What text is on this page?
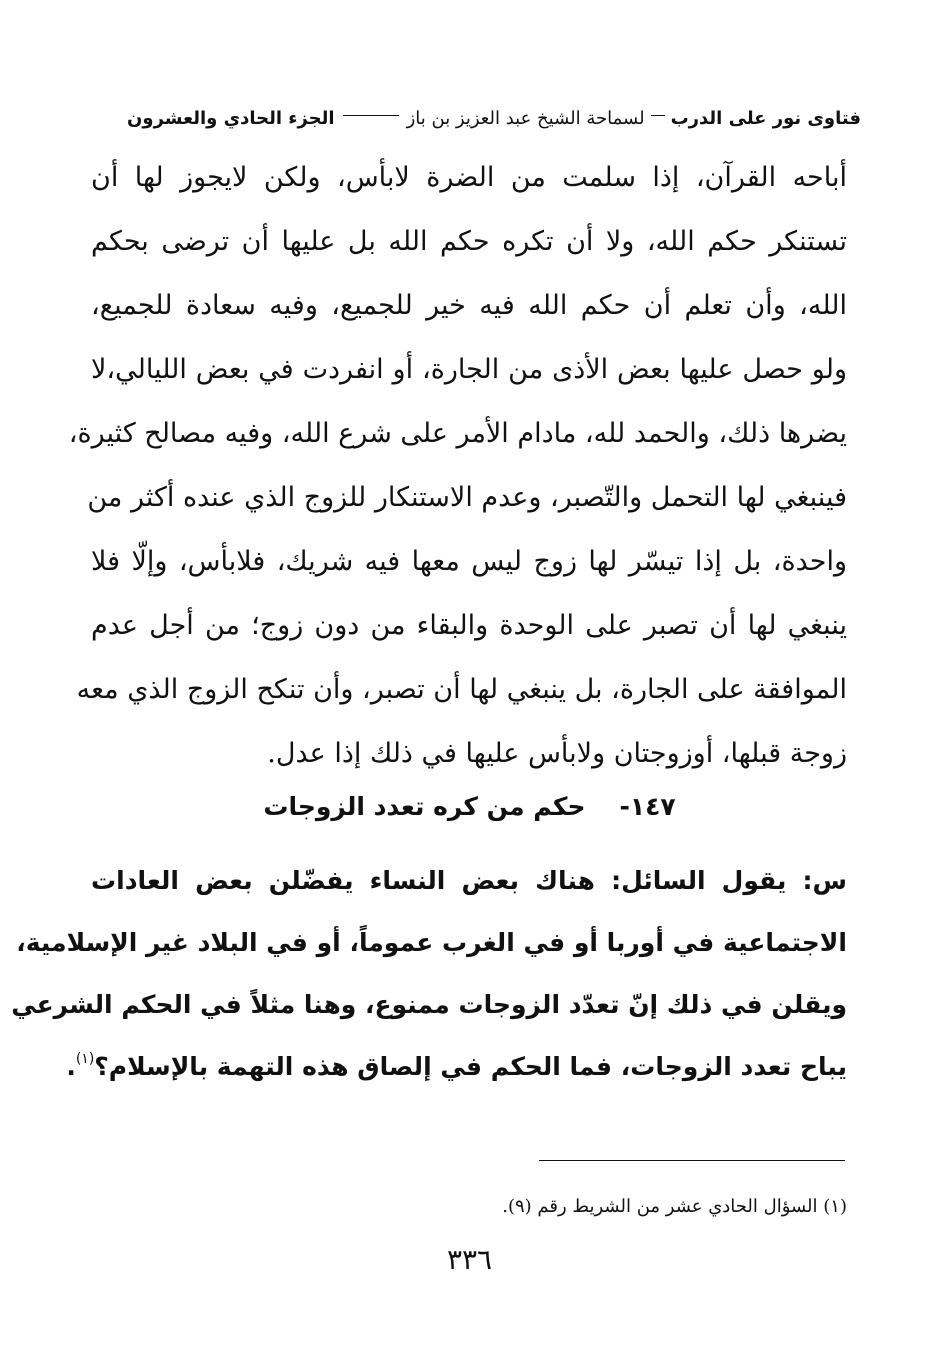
فتاوى نور على الدرب
لسماحة الشيخ عبد العزيز بن باز
الجزء الحادي والعشرون
أباحه القرآن، إذا سلمت من الضرة لابأس، ولكن لايجوز لها أن
تستنكر حكم الله، ولا أن تكره حكم الله بل عليها أن ترضى بحكم
الله، وأن تعلم أن حكم الله فيه خير للجميع، وفيه سعادة للجميع،
ولو حصل عليها بعض الأذى من الجارة، أو انفردت في بعض الليالي،لا
يضرها ذلك، والحمد لله، مادام الأمر على شرع الله، وفيه مصالح كثيرة،
فينبغي لها التحمل والتّصبر، وعدم الاستنكار للزوج الذي عنده أكثر من
واحدة، بل إذا تيسّر لها زوج ليس معها فيه شريك، فلابأس، وإلّا فلا
ينبغي لها أن تصبر على الوحدة والبقاء من دون زوج؛ من أجل عدم
الموافقة على الجارة، بل ينبغي لها أن تصبر، وأن تنكح الزوج الذي معه
زوجة قبلها، أوزوجتان ولابأس عليها في ذلك إذا عدل.
١٤٧-حكم من كره تعدد الزوجات
س: يقول السائل: هناك بعض النساء يفضّلن بعض العادات
الاجتماعية في أوربا أو في الغرب عموماً، أو في البلاد غير الإسلامية،
ويقلن في ذلك إنّ تعدّد الزوجات ممنوع، وهنا مثلاً في الحكم الشرعي
يباح تعدد الزوجات، فما الحكم في إلصاق هذه التهمة بالإسلام؟$^{(١)}$.
(١) السؤال الحادي عشر من الشريط رقم (٩).
٣٣٦
